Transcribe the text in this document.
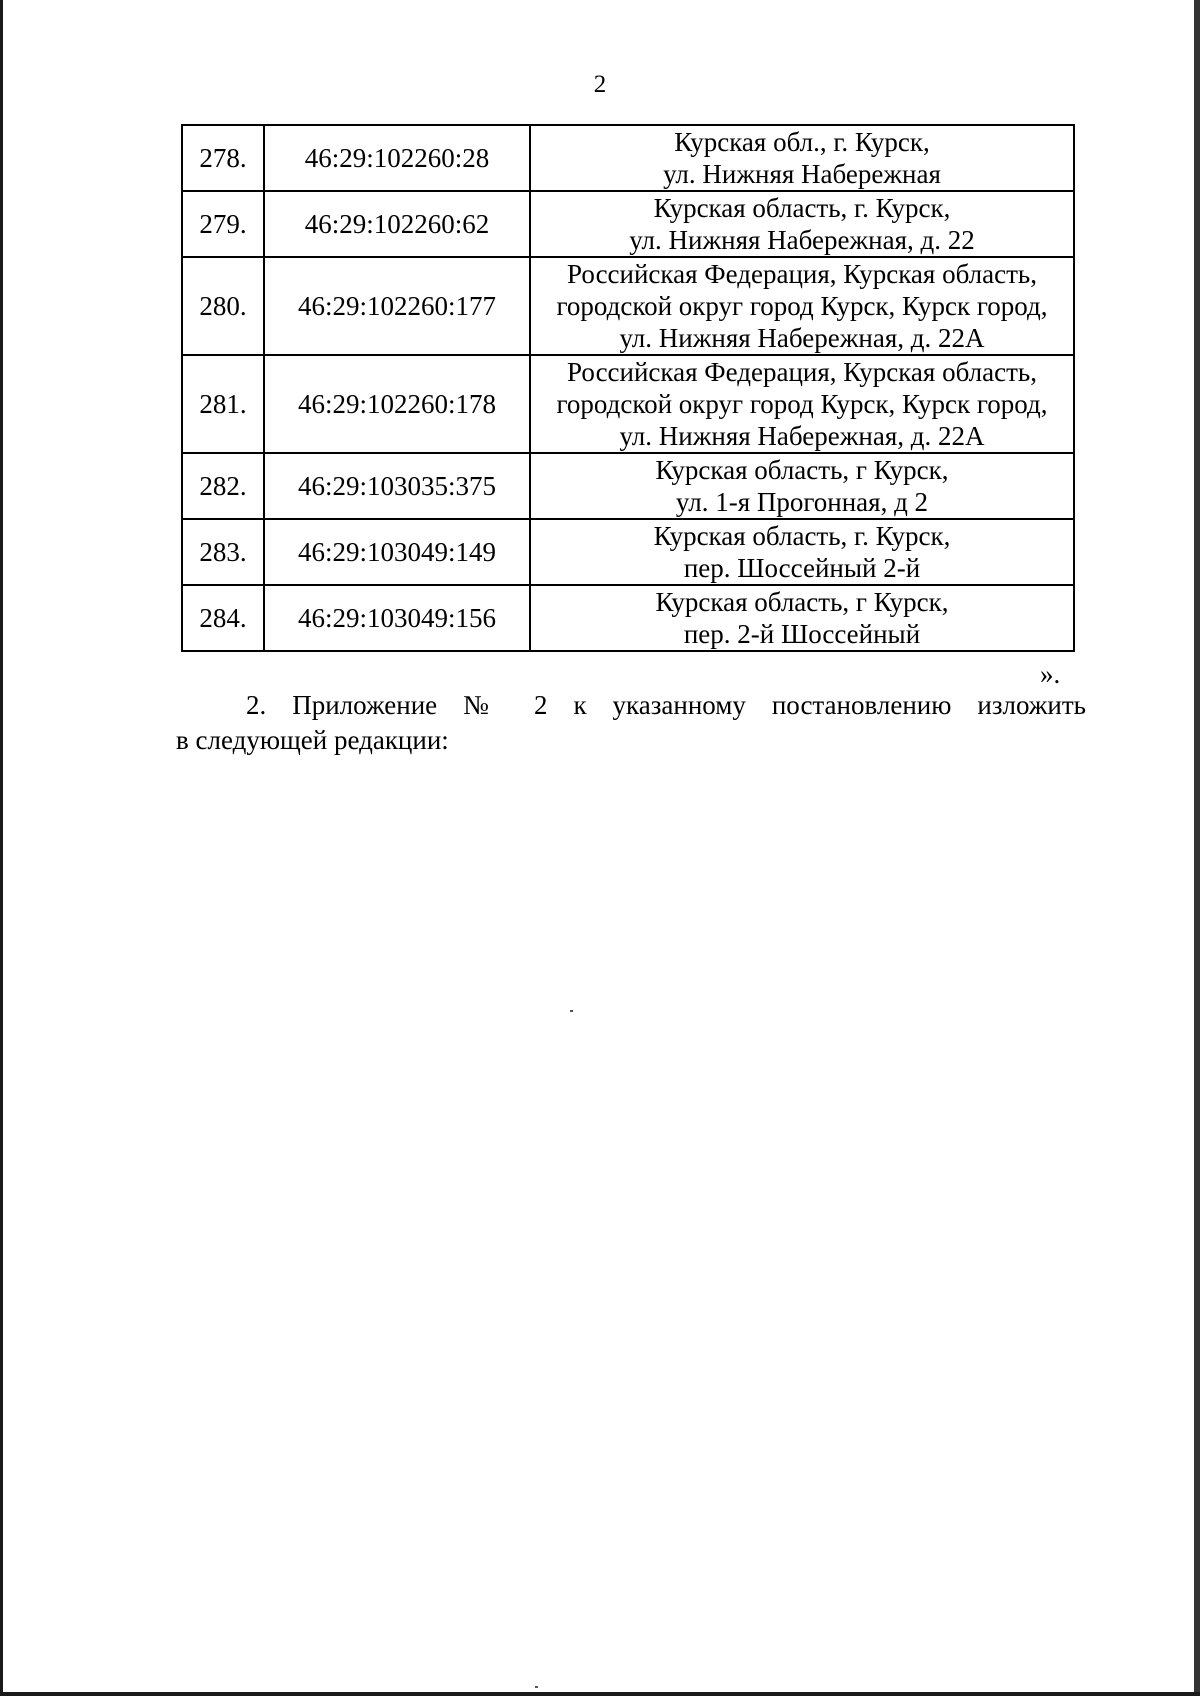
2
278.	46:29:102260:28	Курская обл., г. Курск,
ул. Нижняя Набережная

279.	46:29:102260:62	Курская область, г. Курск,
ул. Нижняя Набережная, д. 22

280.	46:29:102260:177	Российская Федерация, Курская область,
городской округ город Курск, Курск город,
ул. Нижняя Набережная, д. 22А

281.	46:29:102260:178	Российская Федерация, Курская область,
городской округ город Курск, Курск город,
ул. Нижняя Набережная, д. 22А

282.	46:29:103035:375	Курская область, г Курск,
ул. 1-я Прогонная, д 2

283.	46:29:103049:149	Курская область, г. Курск,
пер. Шоссейный 2-й

284.	46:29:103049:156	Курская область, г Курск,
пер. 2-й Шоссейный
».
2. Приложение № 2 к указанному постановлению изложить
в следующей редакции:
